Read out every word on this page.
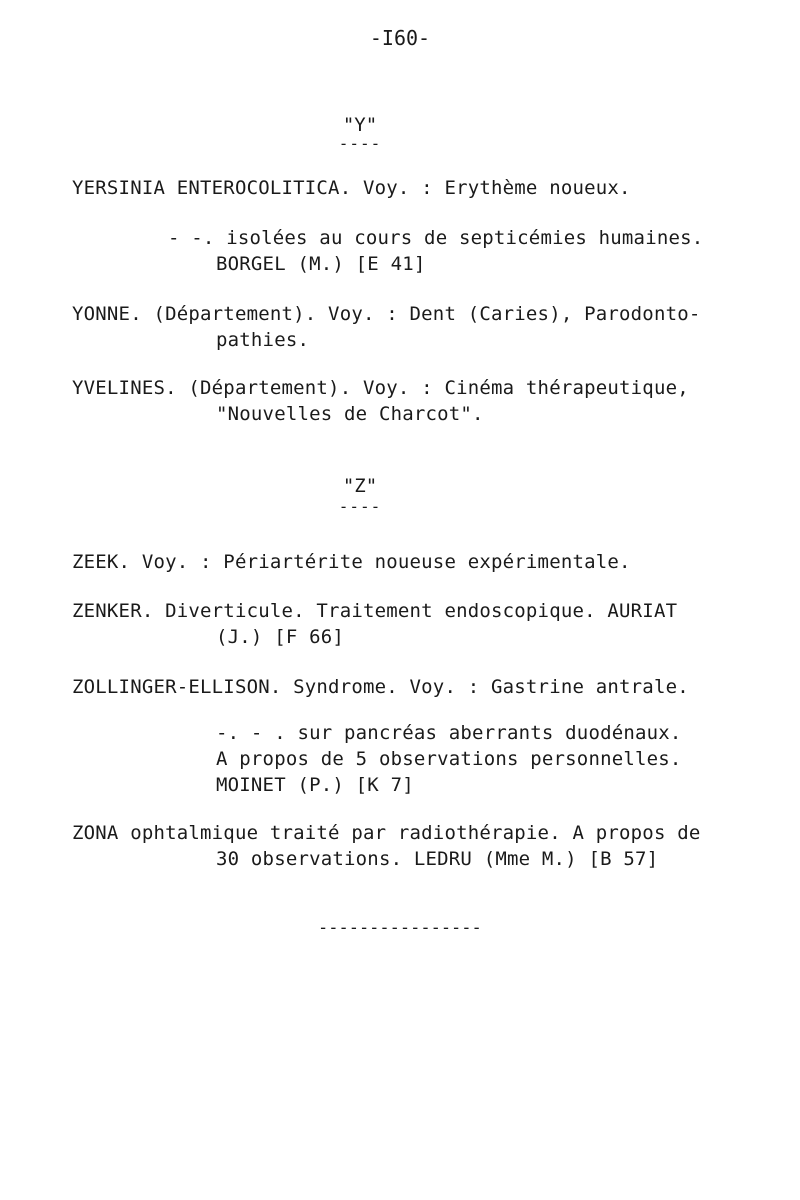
-I60-
"Y"
----
YERSINIA ENTEROCOLITICA. Voy. : Erythème noueux.
- -. isolées au cours de septicémies humaines.
BORGEL (M.) [E 41]
YONNE. (Département). Voy. : Dent (Caries), Parodonto-
pathies.
YVELINES. (Département). Voy. : Cinéma thérapeutique,
"Nouvelles de Charcot".
"Z"
----
ZEEK. Voy. : Périartérite noueuse expérimentale.
ZENKER. Diverticule. Traitement endoscopique. AURIAT
(J.) [F 66]
ZOLLINGER-ELLISON. Syndrome. Voy. : Gastrine antrale.
-. - . sur pancréas aberrants duodénaux.
A propos de 5 observations personnelles.
MOINET (P.) [K 7]
ZONA ophtalmique traité par radiothérapie. A propos de
30 observations. LEDRU (Mme M.) [B 57]
----------------
